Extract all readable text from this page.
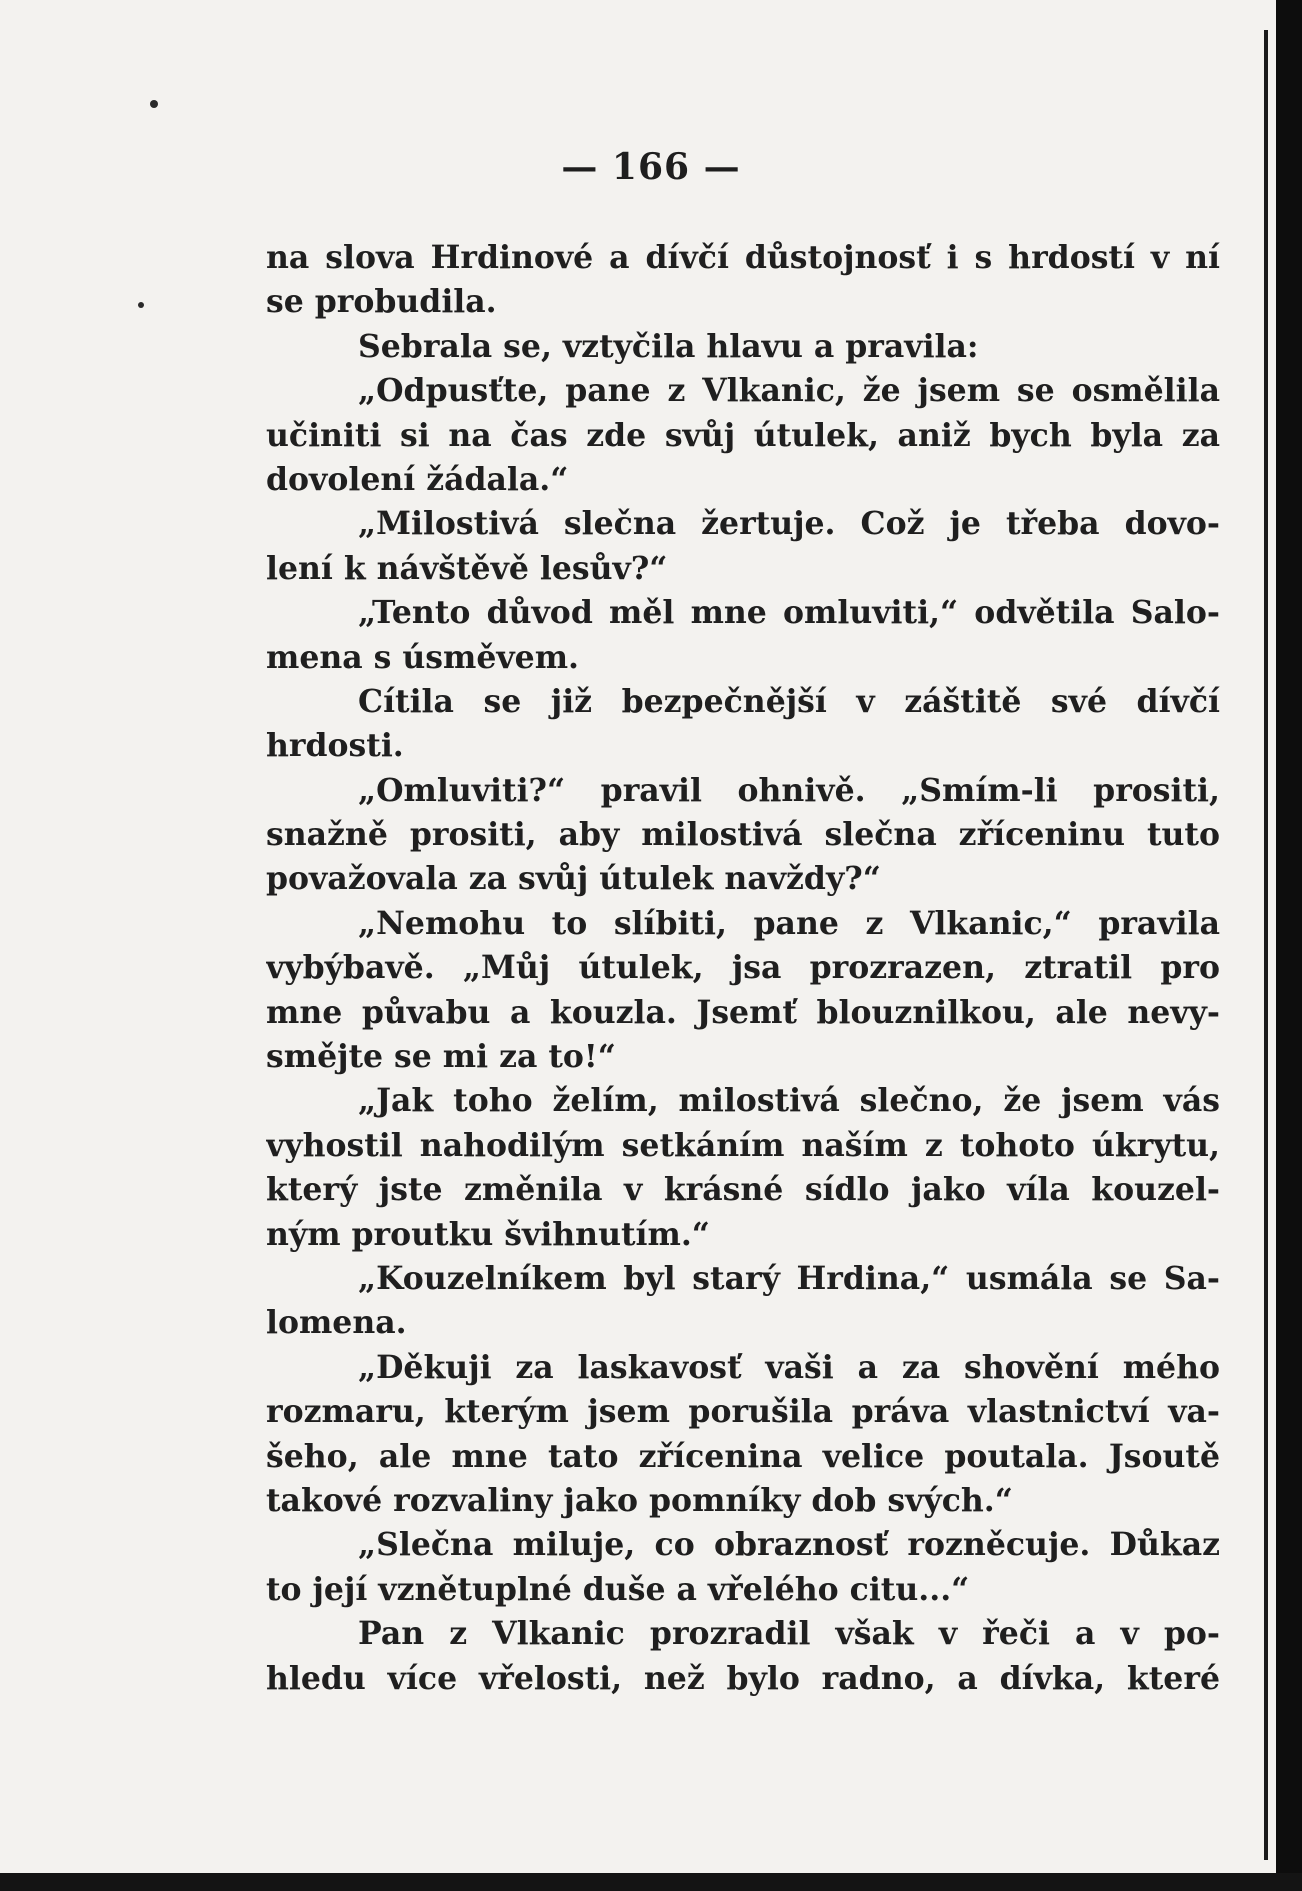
— 166 —
na slova Hrdinové a dívčí důstojnosť i s hrdostí v ní
se probudila.
Sebrala se, vztyčila hlavu a pravila:
„Odpusťte, pane z Vlkanic, že jsem se osmělila
učiniti si na čas zde svůj útulek, aniž bych byla za
dovolení žádala.“
„Milostivá slečna žertuje. Což je třeba dovo-
lení k návštěvě lesův?“
„Tento důvod měl mne omluviti,“ odvětila Salo-
mena s úsměvem.
Cítila se již bezpečnější v záštitě své dívčí
hrdosti.
„Omluviti?“ pravil ohnivě. „Smím-li prositi,
snažně prositi, aby milostivá slečna zříceninu tuto
považovala za svůj útulek navždy?“
„Nemohu to slíbiti, pane z Vlkanic,“ pravila
vybýbavě. „Můj útulek, jsa prozrazen, ztratil pro
mne půvabu a kouzla. Jsemť blouznilkou, ale nevy-
smějte se mi za to!“
„Jak toho želím, milostivá slečno, že jsem vás
vyhostil nahodilým setkáním naším z tohoto úkrytu,
který jste změnila v krásné sídlo jako víla kouzel-
ným proutku švihnutím.“
„Kouzelníkem byl starý Hrdina,“ usmála se Sa-
lomena.
„Děkuji za laskavosť vaši a za shovění mého
rozmaru, kterým jsem porušila práva vlastnictví va-
šeho, ale mne tato zřícenina velice poutala. Jsoutě
takové rozvaliny jako pomníky dob svých.“
„Slečna miluje, co obraznosť rozněcuje. Důkaz
to její vznětuplné duše a vřelého citu...“
Pan z Vlkanic prozradil však v řeči a v po-
hledu více vřelosti, než bylo radno, a dívka, které
